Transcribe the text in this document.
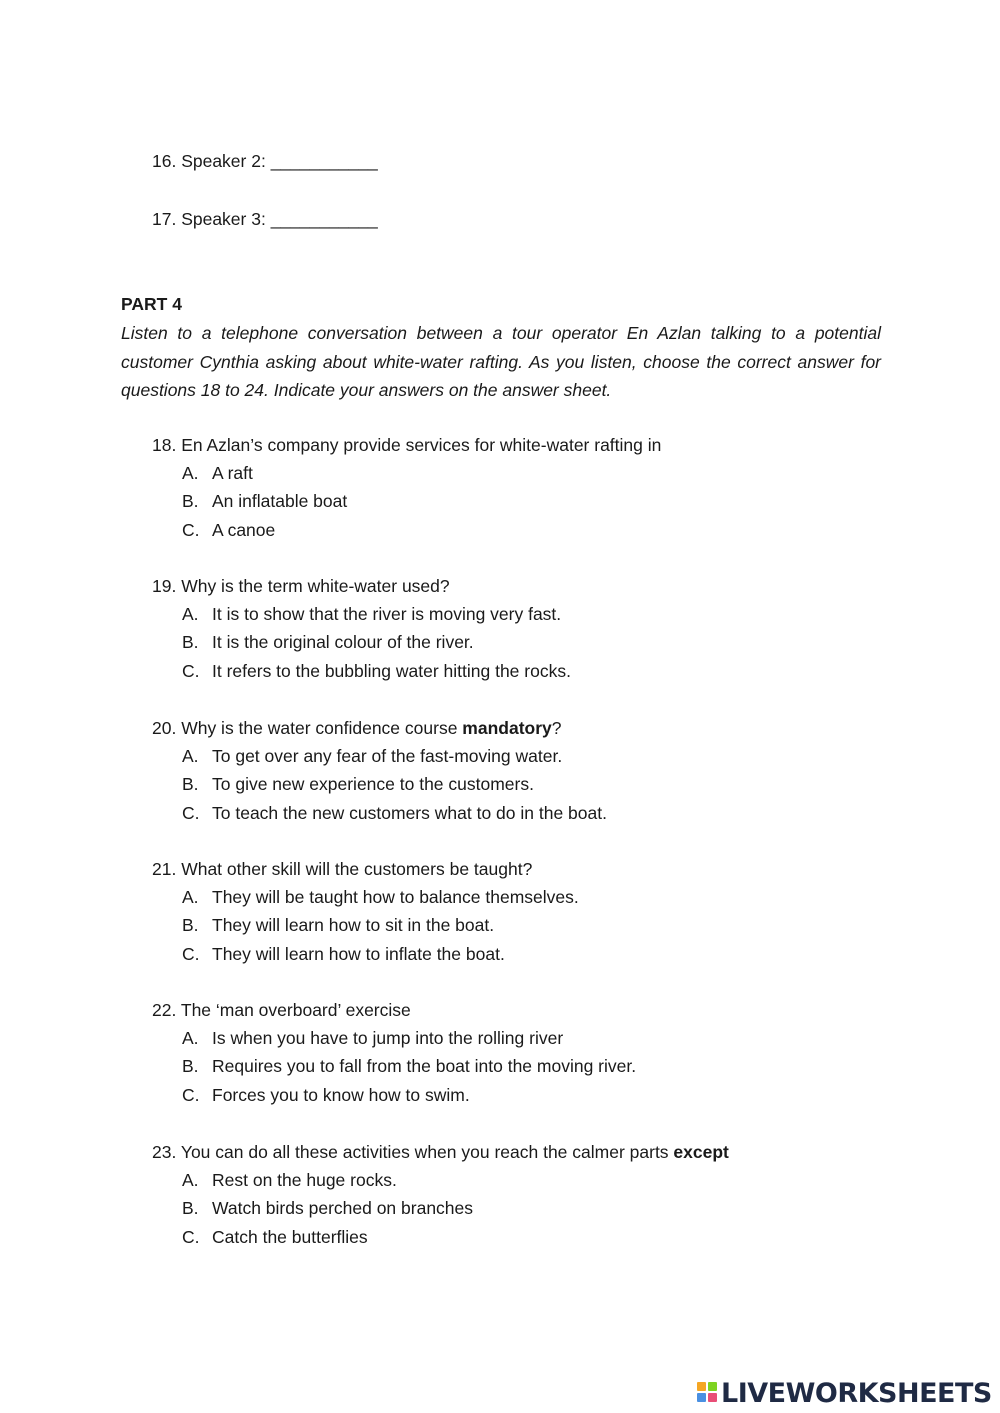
16. Speaker 2: ___________
17. Speaker 3: ___________
PART 4
Listen to a telephone conversation between a tour operator En Azlan talking to a potential customer Cynthia asking about white-water rafting. As you listen, choose the correct answer for questions 18 to 24. Indicate your answers on the answer sheet.
18. En Azlan’s company provide services for white-water rafting in
A. A raft
B. An inflatable boat
C. A canoe
19. Why is the term white-water used?
A. It is to show that the river is moving very fast.
B. It is the original colour of the river.
C. It refers to the bubbling water hitting the rocks.
20. Why is the water confidence course mandatory?
A. To get over any fear of the fast-moving water.
B. To give new experience to the customers.
C. To teach the new customers what to do in the boat.
21. What other skill will the customers be taught?
A. They will be taught how to balance themselves.
B. They will learn how to sit in the boat.
C. They will learn how to inflate the boat.
22. The ‘man overboard’ exercise
A. Is when you have to jump into the rolling river
B. Requires you to fall from the boat into the moving river.
C. Forces you to know how to swim.
23. You can do all these activities when you reach the calmer parts except
A. Rest on the huge rocks.
B. Watch birds perched on branches
C. Catch the butterflies
LIVEWORKSHEETS
